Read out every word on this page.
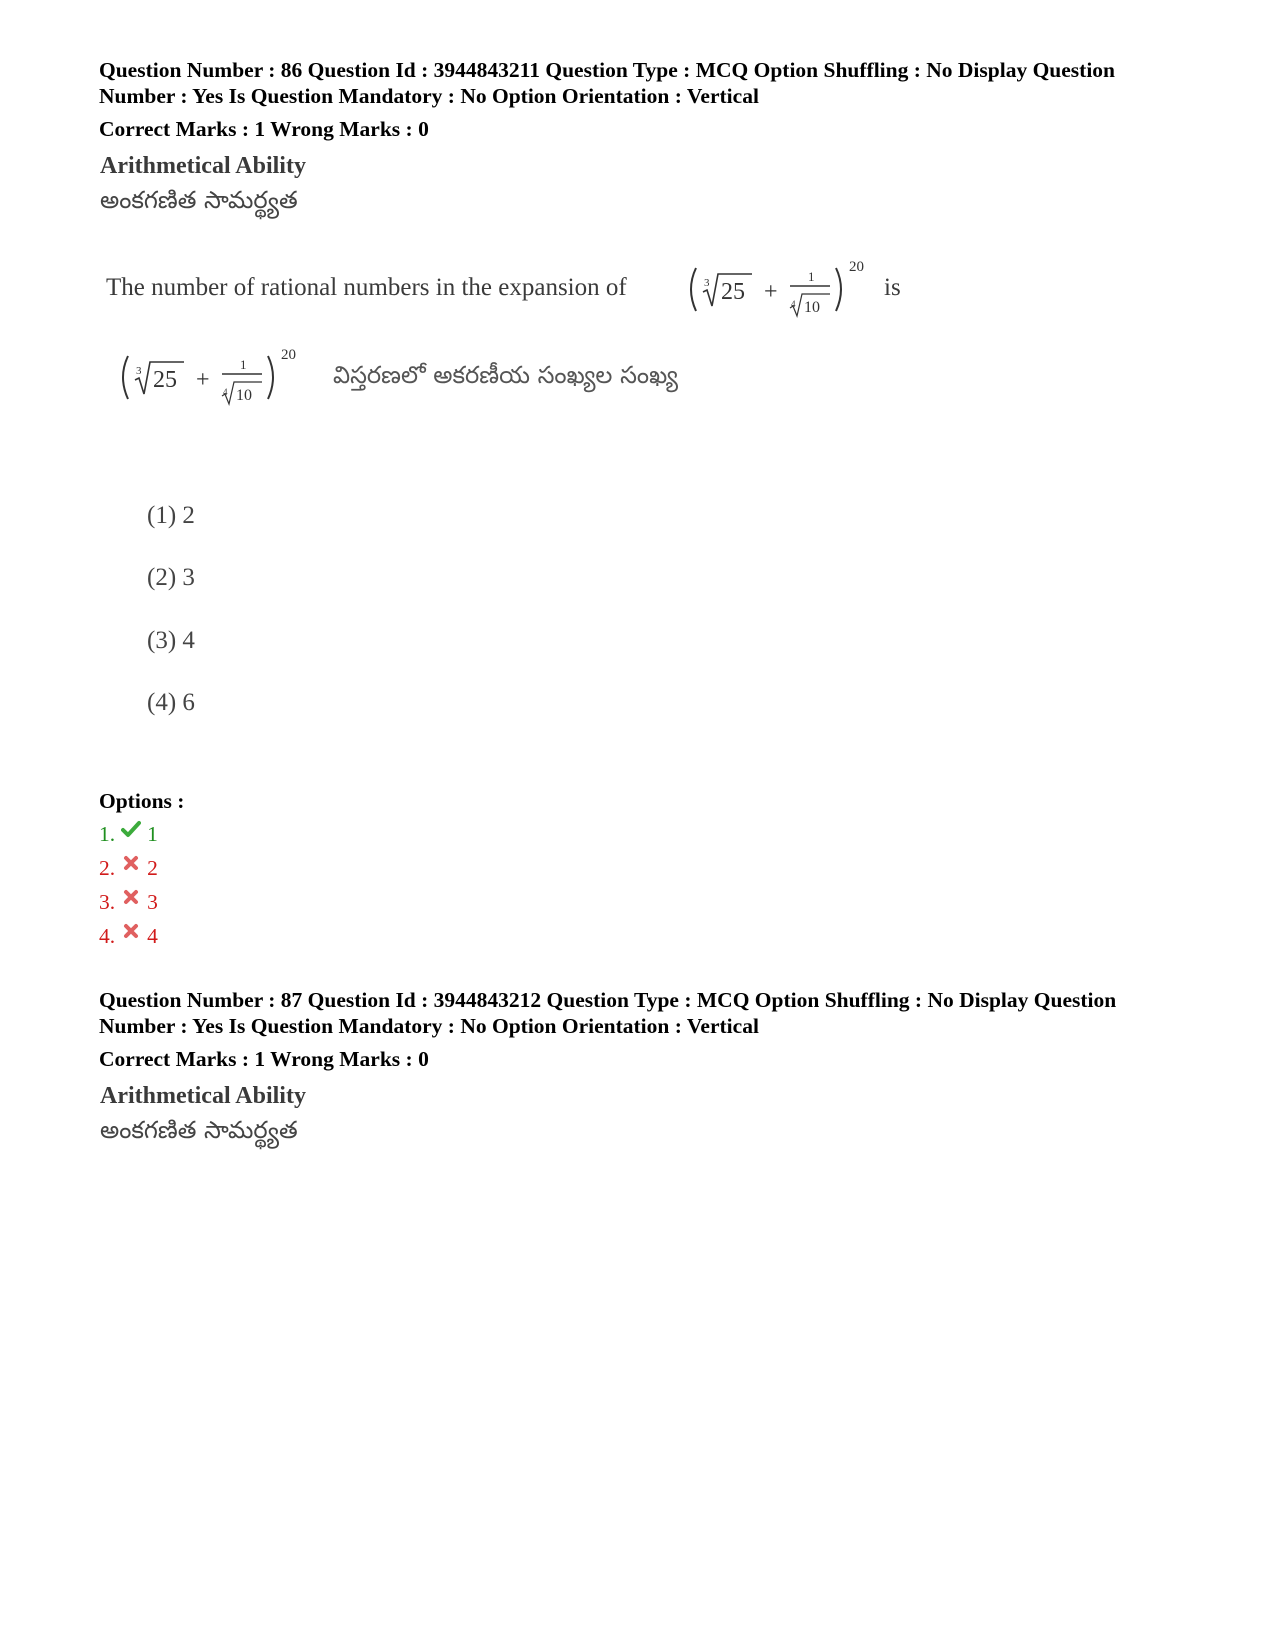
Question Number : 86 Question Id : 3944843211 Question Type : MCQ Option Shuffling : No Display Question

Number : Yes Is Question Mandatory : No Option Orientation : Vertical

Correct Marks : 1 Wrong Marks : 0

Arithmetical Ability

అంకగణిత సామర్థ్యత

The number of rational numbers in the expansion of	3 25 +
1
4 10
20
is
3 25 +
1
4 10
20
విస్తరణలో అకరణీయ సంఖ్యల సంఖ్య

(1) 2

(2) 3

(3) 4

(4) 6

Options :

1. 1

2. 2

3. 3

4. 4

Question Number : 87 Question Id : 3944843212 Question Type : MCQ Option Shuffling : No Display Question

Number : Yes Is Question Mandatory : No Option Orientation : Vertical

Correct Marks : 1 Wrong Marks : 0

Arithmetical Ability

అంకగణిత సామర్థ్యత
